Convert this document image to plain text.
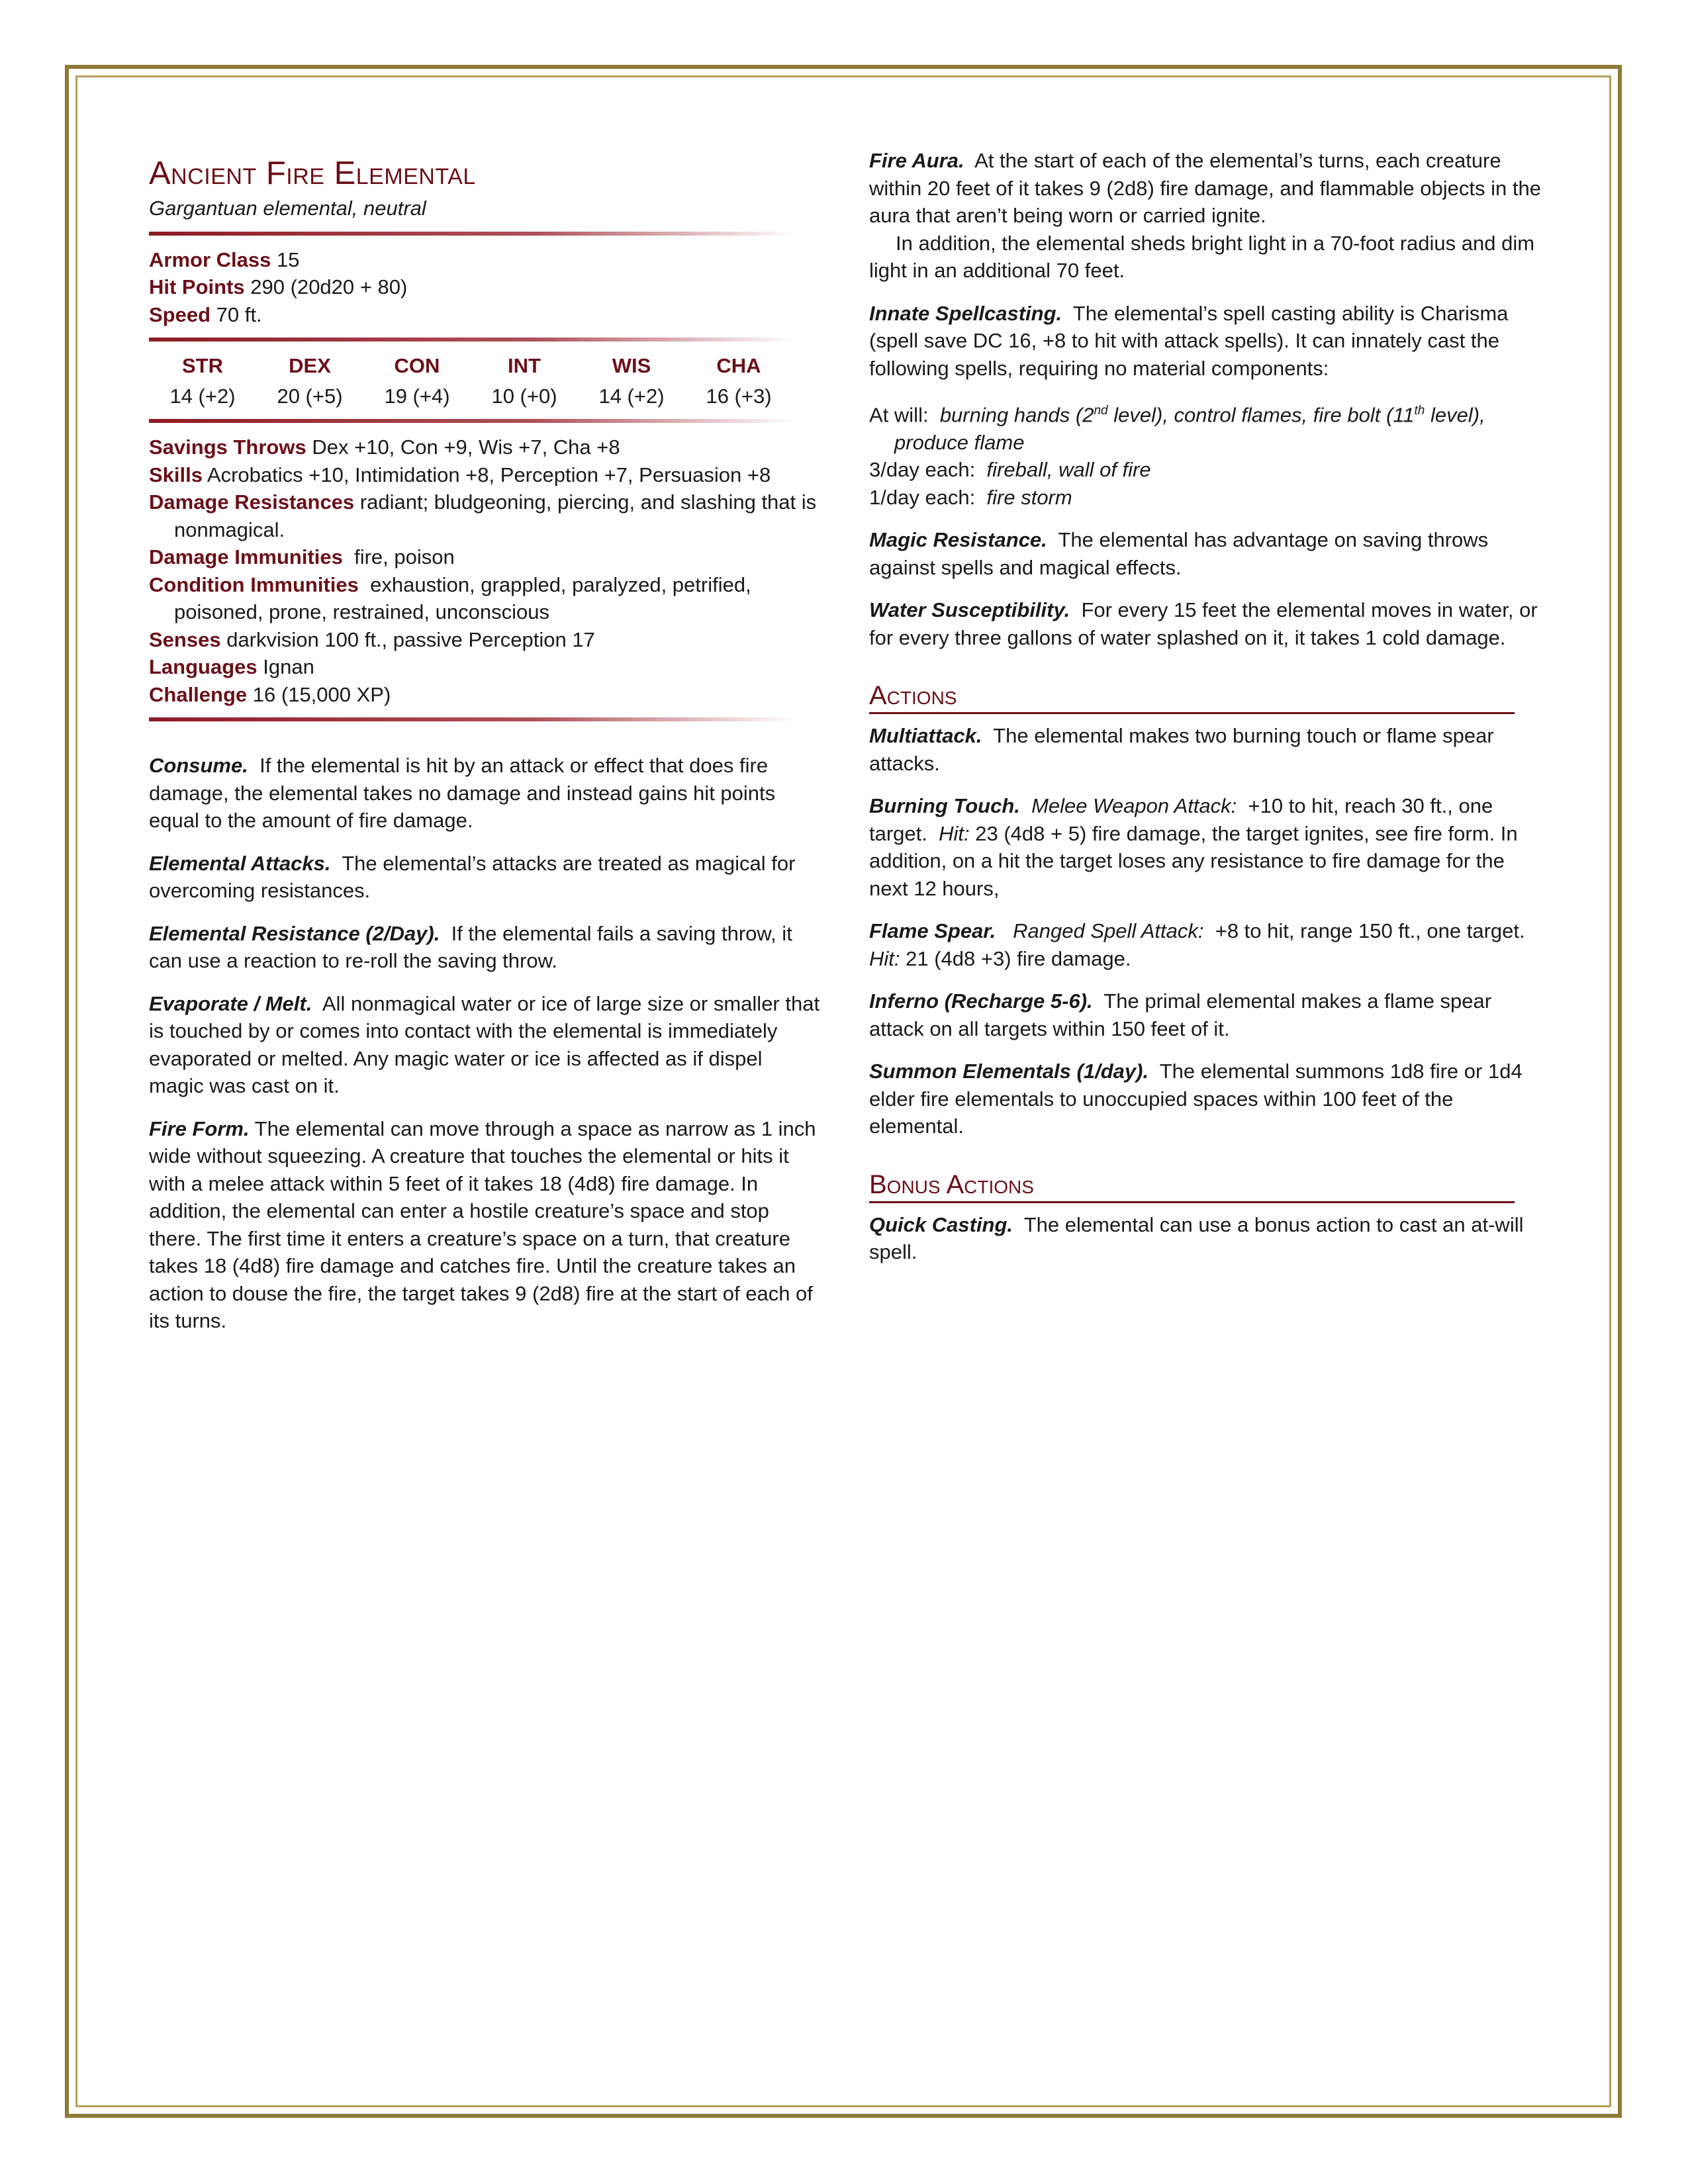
Ancient Fire Elemental

Gargantuan elemental, neutral

Armor Class 15

Hit Points 290 (20d20 + 80)

Speed 70 ft.

STR	DEX	CON	INT	WIS	CHA
14 (+2)	20 (+5)	19 (+4)	10 (+0)	14 (+2)	16 (+3)

Savings Throws Dex +10, Con +9, Wis +7, Cha +8

Skills Acrobatics +10, Intimidation +8, Perception +7, Persuasion +8

Damage Resistances radiant; bludgeoning, piercing, and slashing that is nonmagical.

Damage Immunities fire, poison

Condition Immunities exhaustion, grappled, paralyzed, petrified, poisoned, prone, restrained, unconscious

Senses darkvision 100 ft., passive Perception 17

Languages Ignan

Challenge 16 (15,000 XP)

Consume. If the elemental is hit by an attack or effect that does fire damage, the elemental takes no damage and instead gains hit points equal to the amount of fire damage.

Elemental Attacks. The elemental’s attacks are treated as magical for overcoming resistances.

Elemental Resistance (2/Day). If the elemental fails a saving throw, it can use a reaction to re-roll the saving throw.

Evaporate / Melt. All nonmagical water or ice of large size or smaller that is touched by or comes into contact with the elemental is immediately evaporated or melted. Any magic water or ice is affected as if dispel magic was cast on it.

Fire Form. The elemental can move through a space as narrow as 1 inch wide without squeezing. A creature that touches the elemental or hits it with a melee attack within 5 feet of it takes 18 (4d8) fire damage. In addition, the elemental can enter a hostile creature’s space and stop there. The first time it enters a creature’s space on a turn, that creature takes 18 (4d8) fire damage and catches fire. Until the creature takes an action to douse the fire, the target takes 9 (2d8) fire at the start of each of its turns.

Fire Aura. At the start of each of the elemental’s turns, each creature within 20 feet of it takes 9 (2d8) fire damage, and flammable objects in the aura that aren’t being worn or carried ignite.

In addition, the elemental sheds bright light in a 70-foot radius and dim light in an additional 70 feet.

Innate Spellcasting. The elemental’s spell casting ability is Charisma (spell save DC 16, +8 to hit with attack spells). It can innately cast the following spells, requiring no material components:

At will: burning hands (2nd level), control flames, fire bolt (11th level), produce flame

3/day each: fireball, wall of fire

1/day each: fire storm

Magic Resistance. The elemental has advantage on saving throws against spells and magical effects.

Water Susceptibility. For every 15 feet the elemental moves in water, or for every three gallons of water splashed on it, it takes 1 cold damage.

Actions

Multiattack. The elemental makes two burning touch or flame spear attacks.

Burning Touch. Melee Weapon Attack: +10 to hit, reach 30 ft., one target. Hit: 23 (4d8 + 5) fire damage, the target ignites, see fire form. In addition, on a hit the target loses any resistance to fire damage for the next 12 hours,

Flame Spear. Ranged Spell Attack: +8 to hit, range 150 ft., one target. Hit: 21 (4d8 +3) fire damage.

Inferno (Recharge 5-6). The primal elemental makes a flame spear attack on all targets within 150 feet of it.

Summon Elementals (1/day). The elemental summons 1d8 fire or 1d4 elder fire elementals to unoccupied spaces within 100 feet of the elemental.

Bonus Actions

Quick Casting. The elemental can use a bonus action to cast an at-will spell.
